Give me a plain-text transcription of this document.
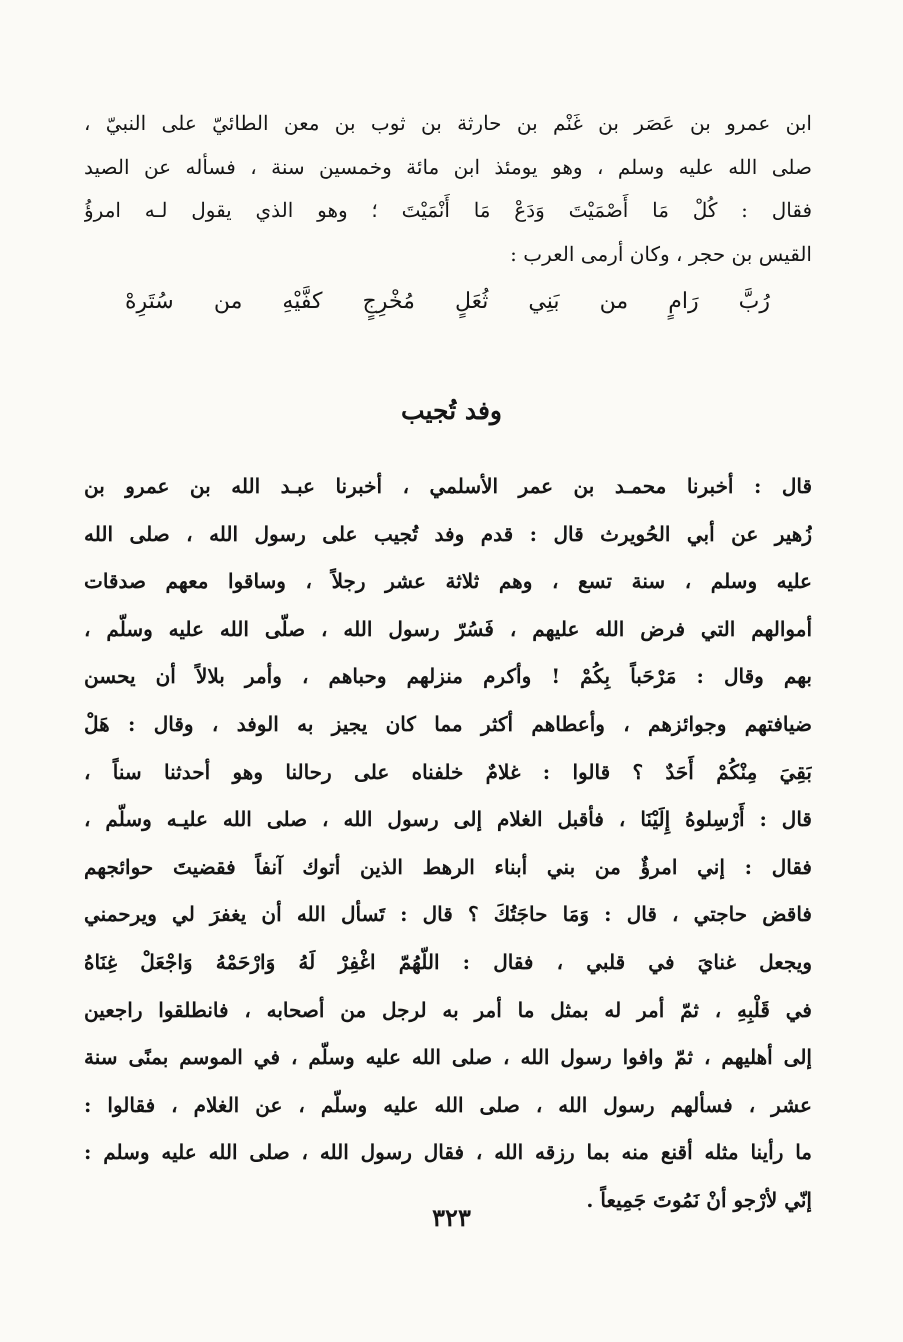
ابن عمرو بن عَصَر بن غَنْم بن حارثة بن ثوب بن معن الطائيّ على النبيّ ،
صلى الله عليه وسلم ، وهو يومئذ ابن مائة وخمسين سنة ، فسأله عن الصيد
فقال : كُلْ مَا أَصْمَيْتَ وَدَعْ مَا أَنْمَيْتَ ؛ وهو الذي يقول لـه امرؤُ
القيس بن حجر ، وكان أرمى العرب :
رُبَّ رَامٍ من بَنِي ثُعَلٍ مُخْرِجٍ كفَّيْهِ من سُتَرِهْ
وفد تُجيب
قال : أخبرنا محمـد بن عمر الأسلمي ، أخبرنا عبـد الله بن عمرو بن
زُهير عن أبي الحُويرث قال : قدم وفد تُجيب على رسول الله ، صلى الله
عليه وسلم ، سنة تسع ، وهم ثلاثة عشر رجلاً ، وساقوا معهم صدقات
أموالهم التي فرض الله عليهم ، فَسُرّ رسول الله ، صلّى الله عليه وسلّم ،
بهم وقال : مَرْحَباً بِكُمْ ! وأكرم منزلهم وحباهم ، وأمر بلالاً أن يحسن
ضيافتهم وجوائزهم ، وأعطاهم أكثر مما كان يجيز به الوفد ، وقال : هَلْ
بَقِيَ مِنْكُمْ أَحَدٌ ؟ قالوا : غلامٌ خلفناه على رحالنا وهو أحدثنا سناً ،
قال : أَرْسِلوهُ إِلَيْنَا ، فأقبل الغلام إلى رسول الله ، صلى الله عليـه وسلّم ،
فقال : إني امرؤٌ من بني أبناء الرهط الذين أتوك آنفاً فقضيتَ حوائجهم
فاقض حاجتي ، قال : وَمَا حاجَتُكَ ؟ قال : تَسأل الله أن يغفرَ لي ويرحمني
ويجعل غنايَ في قلبي ، فقال : اللّهُمّ اغْفِرْ لَهُ وَارْحَمْهُ وَاجْعَلْ غِنَاهُ
في قَلْبِهِ ، ثمّ أمر له بمثل ما أمر به لرجل من أصحابه ، فانطلقوا راجعين
إلى أهليهم ، ثمّ وافوا رسول الله ، صلى الله عليه وسلّم ، في الموسم بمنًى سنة
عشر ، فسألهم رسول الله ، صلى الله عليه وسلّم ، عن الغلام ، فقالوا :
ما رأينا مثله أقنع منه بما رزقه الله ، فقال رسول الله ، صلى الله عليه وسلم :
إنّي لأرْجو أنْ نَمُوتَ جَمِيعاً .
٣٢٣
